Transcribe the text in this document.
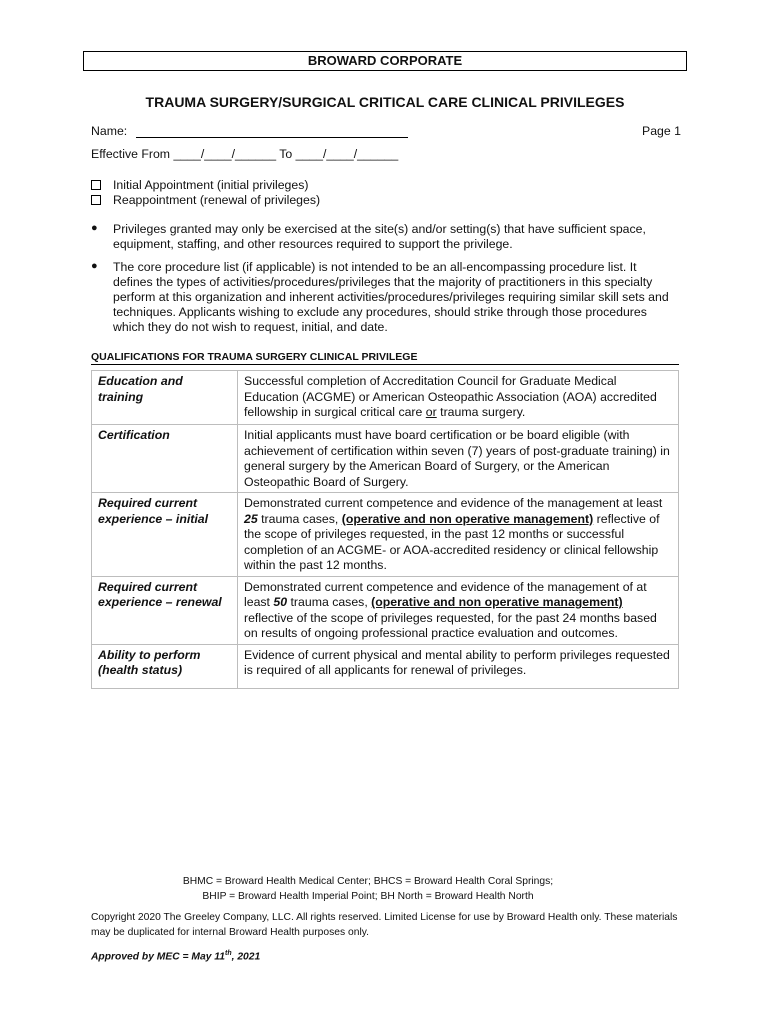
BROWARD CORPORATE
TRAUMA SURGERY/SURGICAL CRITICAL CARE CLINICAL PRIVILEGES
Name:	Page 1
Effective From ____/____/______ To ____/____/______
Initial Appointment (initial privileges)
Reappointment (renewal of privileges)
● Privileges granted may only be exercised at the site(s) and/or setting(s) that have sufficient space, equipment, staffing, and other resources required to support the privilege.
● The core procedure list (if applicable) is not intended to be an all-encompassing procedure list. It defines the types of activities/procedures/privileges that the majority of practitioners in this specialty perform at this organization and inherent activities/procedures/privileges requiring similar skill sets and techniques. Applicants wishing to exclude any procedures, should strike through those procedures which they do not wish to request, initial, and date.
QUALIFICATIONS FOR TRAUMA SURGERY CLINICAL PRIVILEGE
Education and training	Successful completion of Accreditation Council for Graduate Medical Education (ACGME) or American Osteopathic Association (AOA) accredited fellowship in surgical critical care or trauma surgery.
Certification	Initial applicants must have board certification or be board eligible (with achievement of certification within seven (7) years of post-graduate training) in general surgery by the American Board of Surgery, or the American Osteopathic Board of Surgery.
Required current experience – initial	Demonstrated current competence and evidence of the management at least 25 trauma cases, (operative and non operative management) reflective of the scope of privileges requested, in the past 12 months or successful completion of an ACGME- or AOA-accredited residency or clinical fellowship within the past 12 months.
Required current experience – renewal	Demonstrated current competence and evidence of the management of at least 50 trauma cases, (operative and non operative management) reflective of the scope of privileges requested, for the past 24 months based on results of ongoing professional practice evaluation and outcomes.
Ability to perform (health status)	Evidence of current physical and mental ability to perform privileges requested is required of all applicants for renewal of privileges.
BHMC = Broward Health Medical Center; BHCS = Broward Health Coral Springs;
BHIP = Broward Health Imperial Point; BH North = Broward Health North
Copyright 2020 The Greeley Company, LLC. All rights reserved. Limited License for use by Broward Health only. These materials may be duplicated for internal Broward Health purposes only.
Approved by MEC = May 11th, 2021
